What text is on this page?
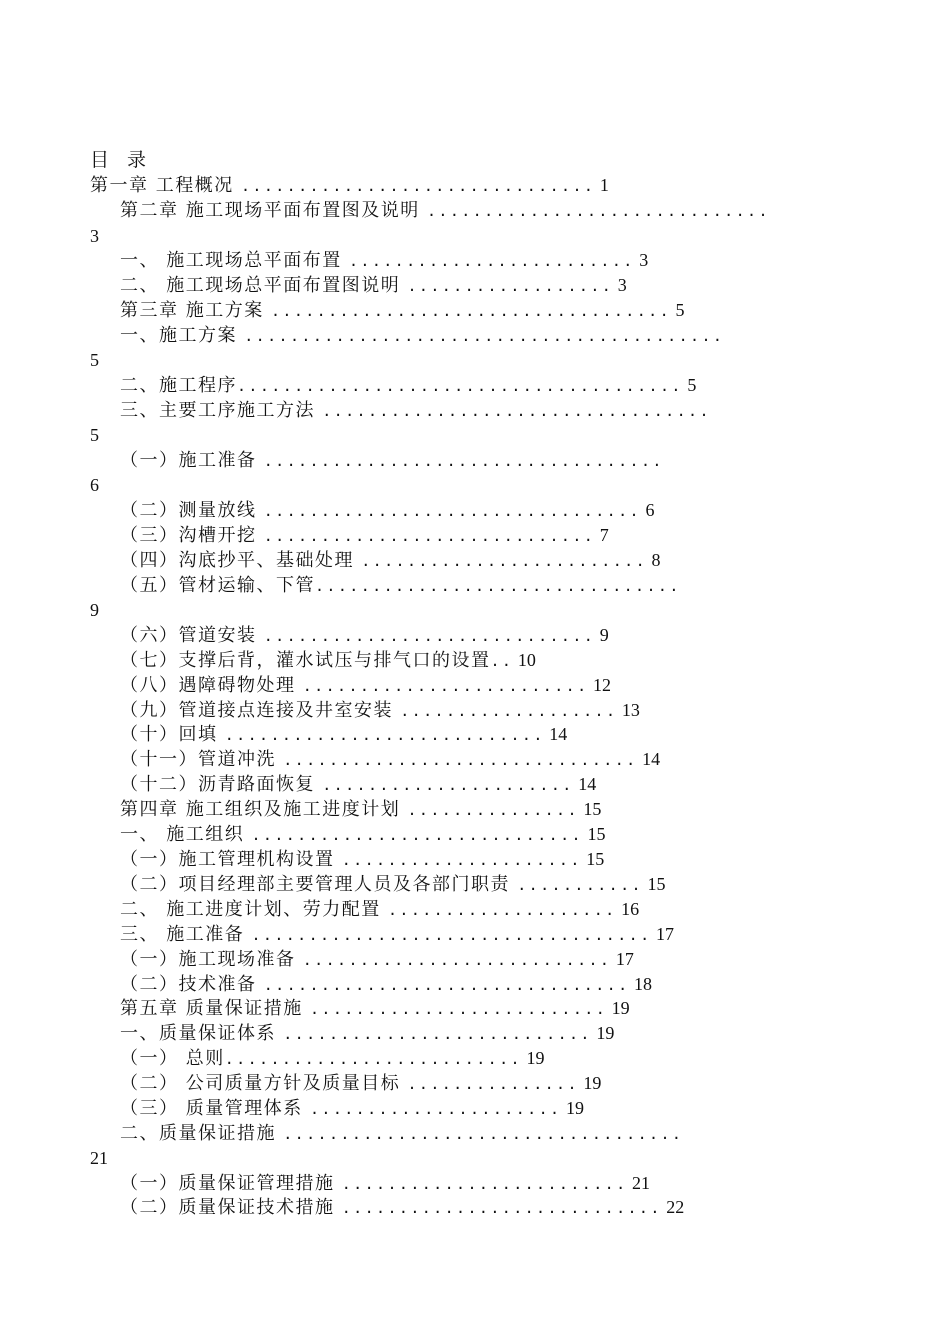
目 录
第一章 工程概况 ............................... 1
第二章 施工现场平面布置图及说明 ..............................
3
一、 施工现场总平面布置 ......................... 3
二、 施工现场总平面布置图说明 .................. 3
第三章 施工方案 ................................... 5
一、施工方案 ..........................................
5
二、施工程序....................................... 5
三、主要工序施工方法 ..................................
5
（一）施工准备 ...................................
6
（二）测量放线 ................................. 6
（三）沟槽开挖 ............................. 7
（四）沟底抄平、基础处理 ......................... 8
（五）管材运输、下管................................
9
（六）管道安装 ............................. 9
（七）支撑后背，灌水试压与排气口的设置.. 10
（八）遇障碍物处理 ......................... 12
（九）管道接点连接及井室安装 ................... 13
（十）回填 ............................ 14
（十一）管道冲洗 ............................... 14
（十二）沥青路面恢复 ...................... 14
第四章 施工组织及施工进度计划 ............... 15
一、 施工组织 ............................. 15
（一）施工管理机构设置 ..................... 15
（二）项目经理部主要管理人员及各部门职责 ........... 15
二、 施工进度计划、劳力配置 .................... 16
三、 施工准备 ................................... 17
（一）施工现场准备 ........................... 17
（二）技术准备 ................................ 18
第五章 质量保证措施 .......................... 19
一、质量保证体系 ........................... 19
（一） 总则.......................... 19
（二） 公司质量方针及质量目标 ............... 19
（三） 质量管理体系 ...................... 19
二、质量保证措施 ...................................
21
（一）质量保证管理措施 ......................... 21
（二）质量保证技术措施 ............................ 22
